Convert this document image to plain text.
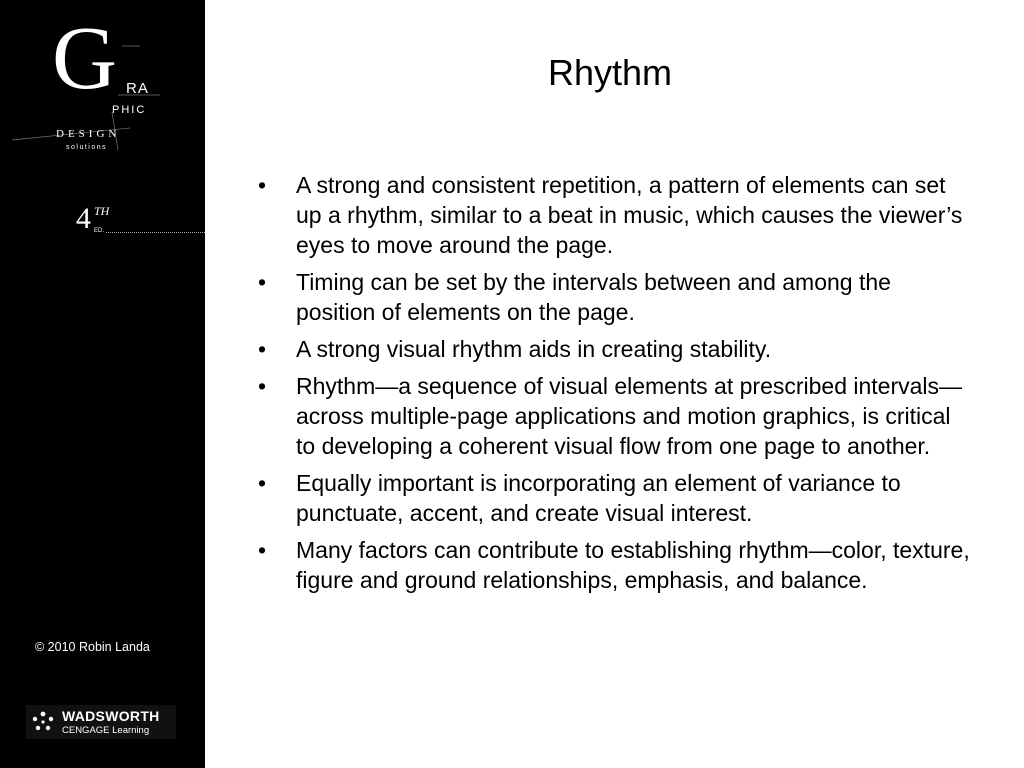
G RA
PHIC
DESIGN
solutions
4 TH
ED.
© 2010 Robin Landa
WADSWORTH
CENGAGE Learning
Rhythm
• A strong and consistent repetition, a pattern of elements can set up a rhythm, similar to a beat in music, which causes the viewer’s eyes to move around the page.
• Timing can be set by the intervals between and among the position of elements on the page.
• A strong visual rhythm aids in creating stability.
• Rhythm—a sequence of visual elements at prescribed intervals—across multiple-page applications and motion graphics, is critical to developing a coherent visual flow from one page to another.
• Equally important is incorporating an element of variance to punctuate, accent, and create visual interest.
• Many factors can contribute to establishing rhythm—color, texture, figure and ground relationships, emphasis, and balance.
